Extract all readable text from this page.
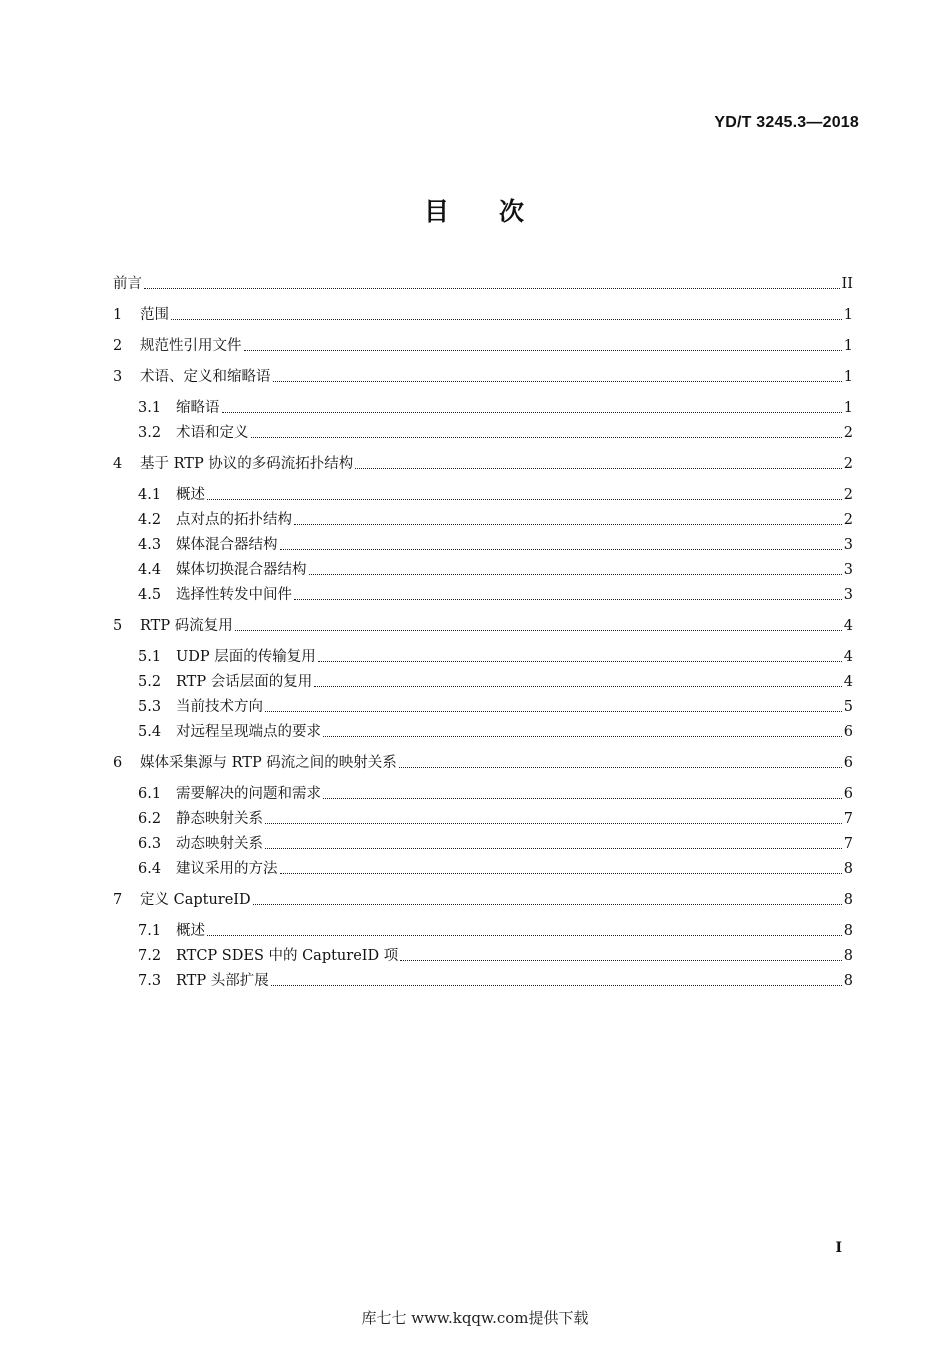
YD/T 3245.3—2018
目 次
前言	II
1	范围	1
2	规范性引用文件	1
3	术语、定义和缩略语	1
3.1	缩略语	1
3.2	术语和定义	2
4	基于 RTP 协议的多码流拓扑结构	2
4.1	概述	2
4.2	点对点的拓扑结构	2
4.3	媒体混合器结构	3
4.4	媒体切换混合器结构	3
4.5	选择性转发中间件	3
5	RTP 码流复用	4
5.1	UDP 层面的传输复用	4
5.2	RTP 会话层面的复用	4
5.3	当前技术方向	5
5.4	对远程呈现端点的要求	6
6	媒体采集源与 RTP 码流之间的映射关系	6
6.1	需要解决的问题和需求	6
6.2	静态映射关系	7
6.3	动态映射关系	7
6.4	建议采用的方法	8
7	定义 CaptureID	8
7.1	概述	8
7.2	RTCP SDES 中的 CaptureID 项	8
7.3	RTP 头部扩展	8
I
库七七 www.kqqw.com提供下载
